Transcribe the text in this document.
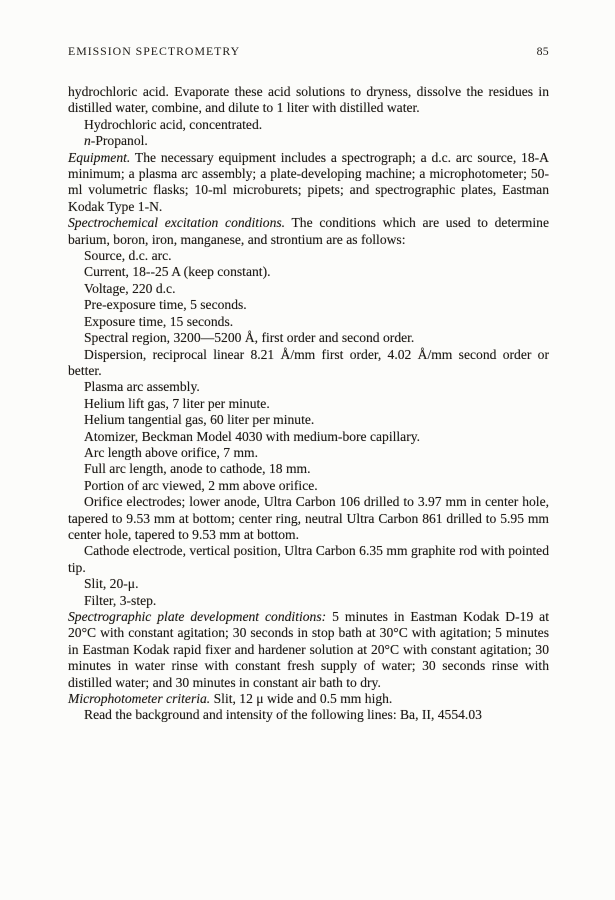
EMISSION SPECTROMETRY	85

hydrochloric acid. Evaporate these acid solutions to dryness, dissolve the residues in distilled water, combine, and dilute to 1 liter with distilled water.

Hydrochloric acid, concentrated.

n-Propanol.

Equipment. The necessary equipment includes a spectrograph; a d.c. arc source, 18-A minimum; a plasma arc assembly; a plate-developing machine; a microphotometer; 50-ml volumetric flasks; 10-ml microburets; pipets; and spectrographic plates, Eastman Kodak Type 1-N.

Spectrochemical excitation conditions. The conditions which are used to determine barium, boron, iron, manganese, and strontium are as follows:

Source, d.c. arc.

Current, 18--25 A (keep constant).

Voltage, 220 d.c.

Pre-exposure time, 5 seconds.

Exposure time, 15 seconds.

Spectral region, 3200—5200 Å, first order and second order.

Dispersion, reciprocal linear 8.21 Å/mm first order, 4.02 Å/mm second order or better.

Plasma arc assembly.

Helium lift gas, 7 liter per minute.

Helium tangential gas, 60 liter per minute.

Atomizer, Beckman Model 4030 with medium-bore capillary.

Arc length above orifice, 7 mm.

Full arc length, anode to cathode, 18 mm.

Portion of arc viewed, 2 mm above orifice.

Orifice electrodes; lower anode, Ultra Carbon 106 drilled to 3.97 mm in center hole, tapered to 9.53 mm at bottom; center ring, neutral Ultra Carbon 861 drilled to 5.95 mm center hole, tapered to 9.53 mm at bottom.

Cathode electrode, vertical position, Ultra Carbon 6.35 mm graphite rod with pointed tip.

Slit, 20-μ.

Filter, 3-step.

Spectrographic plate development conditions: 5 minutes in Eastman Kodak D-19 at 20°C with constant agitation; 30 seconds in stop bath at 30°C with agitation; 5 minutes in Eastman Kodak rapid fixer and hardener solution at 20°C with constant agitation; 30 minutes in water rinse with constant fresh supply of water; 30 seconds rinse with distilled water; and 30 minutes in constant air bath to dry.

Microphotometer criteria. Slit, 12 μ wide and 0.5 mm high.

Read the background and intensity of the following lines: Ba, II, 4554.03
